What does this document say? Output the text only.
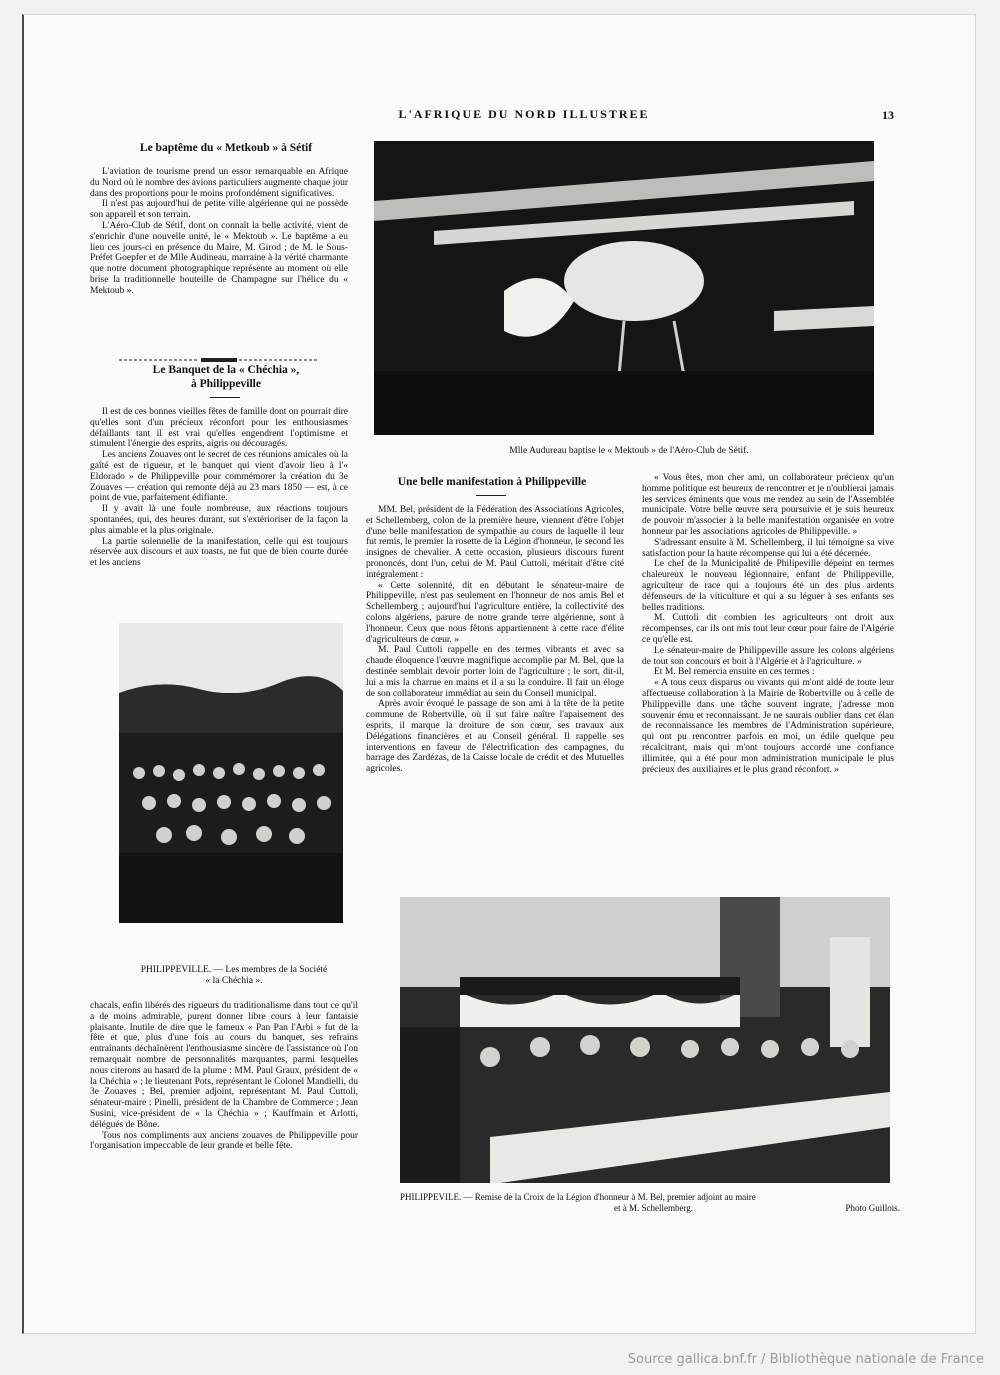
L'AFRIQUE DU NORD ILLUSTREE	13
Le baptême du « Metkoub » à Sétif

L'aviation de tourisme prend un essor remarquable en Afrique du Nord où le nombre des avions particuliers augmente chaque jour dans des proportions pour le moins profondément significatives.

Il n'est pas aujourd'hui de petite ville algérienne qui ne possède son appareil et son terrain.

L'Aéro-Club de Sétif, dont on connaît la belle activité, vient de s'enrichir d'une nouvelle unité, le « Mektoub ». Le baptême a eu lieu ces jours-ci en présence du Maire, M. Girod ; de M. le Sous-Préfet Goepfer et de Mlle Audineau, marraine à la vérité charmante que notre document photographique représente au moment où elle brise la traditionnelle bouteille de Champagne sur l'hélice du « Mektoub ».

Le Banquet de la « Chéchia »,
à Philippeville

Il est de ces bonnes vieilles fêtes de famille dont on pourrait dire qu'elles sont d'un précieux réconfort pour les enthousiasmes défaillants tant il est vrai qu'elles engendrent l'optimisme et stimulent l'énergie des esprits, aigris ou découragés.

Les anciens Zouaves ont le secret de ces réunions amicales où la gaîté est de rigueur, et le banquet qui vient d'avoir lieu à l'« Eldorado » de Philippeville pour commémorer la création du 3e Zouaves — création qui remonte déjà au 23 mars 1850 — est, à ce point de vue, parfaitement édifiante.

Il y avait là une foule nombreuse, aux réactions toujours spontanées, qui, des heures durant, sut s'extérioriser de la façon la plus aimable et la plus originale.

La partie solennelle de la manifestation, celle qui est toujours réservée aux discours et aux toasts, ne fut que de bien courte durée et les anciens

PHILIPPEVILLE. — Les membres de la Société
« la Chéchia ».

chacals, enfin libérés des rigueurs du traditionalisme dans tout ce qu'il a de moins admirable, purent donner libre cours à leur fantaisie plaisante. Inutile de dire que le fameux « Pan Pan l'Arbi » fut de la fête et que, plus d'une fois au cours du banquet, ses refrains entraînants déchaînèrent l'enthousiasme sincère de l'assistance où l'on remarquait nombre de personnalités marquantes, parmi lesquelles nous citerons au hasard de la plume : MM. Paul Graux, président de « la Chéchia » ; le lieutenant Pots, représentant le Colonel Mandielli, du 3e Zouaves ; Bel, premier adjoint, représentant M. Paul Cuttoli, sénateur-maire ; Pinelli, président de la Chambre de Commerce ; Jean Susini, vice-président de « la Chéchia » ; Kauffmain et Arlotti, délégués de Bône.

Tous nos compliments aux anciens zouaves de Philippeville pour l'organisation impeccable de leur grande et belle fête.

Mlle Audureau baptise le « Mektoub » de l'Aéro-Club de Sétif.
Une belle manifestation à Philippeville

MM. Bel, président de la Fédération des Associations Agricoles, et Schellemberg, colon de la première heure, viennent d'être l'objet d'une belle manifestation de sympathie au cours de laquelle il leur fut remis, le premier la rosette de la Légion d'honneur, le second les insignes de chevalier. A cette occasion, plusieurs discours furent prononcés, dont l'un, celui de M. Paul Cuttoli, méritait d'être cité intégralement :

« Cette solennité, dit en débutant le sénateur-maire de Philippeville, n'est pas seulement en l'honneur de nos amis Bel et Schellemberg ; aujourd'hui l'agriculture entière, la collectivité des colons algériens, parure de notre grande terre algérienne, sont à l'honneur. Ceux que nous fêtons appartiennent à cette race d'élite d'agriculteurs de cœur. »

M. Paul Cuttoli rappelle en des termes vibrants et avec sa chaude éloquence l'œuvre magnifique accomplie par M. Bel, que la destinée semblait devoir porter loin de l'agriculture ; le sort, dit-il, lui a mis la charrue en mains et il a su la conduire. Il fait un éloge de son collaborateur immédiat au sein du Conseil municipal.

Après avoir évoqué le passage de son ami à la tête de la petite commune de Robertville, où il sut faire naître l'apaisement des esprits, il marque la droiture de son cœur, ses travaux aux Délégations financières et au Conseil général. Il rappelle ses interventions en faveur de l'électrification des campagnes, du barrage des Zardézas, de la Caisse locale de crédit et des Mutuelles agricoles.

« Vous êtes, mon cher ami, un collaborateur précieux qu'un homme politique est heureux de rencontrer et je n'oublierai jamais les services éminents que vous me rendez au sein de l'Assemblée municipale. Votre belle œuvre sera poursuivie et je suis heureux de pouvoir m'associer à la belle manifestation organisée en votre honneur par les associations agricoles de Philippeville. »

S'adressant ensuite à M. Schellemberg, il lui témoigne sa vive satisfaction pour la haute récompense qui lui a été décernée.

Le chef de la Municipalité de Philipeville dépeint en termes chaleureux le nouveau légionnaire, enfant de Philippeville, agriculteur de race qui a toujours été un des plus ardents défenseurs de la viticulture et qui a su léguer à ses enfants ses belles traditions.

M. Cuttoli dit combien les agriculteurs ont droit aux récompenses, car ils ont mis tout leur cœur pour faire de l'Algérie ce qu'elle est.

Le sénateur-maire de Philippeville assure les colons algériens de tout son concours et boit à l'Algérie et à l'agriculture. »

Et M. Bel remercia ensuite en ces termes :

« A tous ceux disparus ou vivants qui m'ont aidé de toute leur affectueuse collaboration à la Mairie de Robertville ou à celle de Philippeville dans une tâche souvent ingrate, j'adresse mon souvenir ému et reconnaissant. Je ne saurais oublier dans cet élan de reconnaissance les membres de l'Administration supérieure, qui ont pu rencontrer parfois en moi, un édile quelque peu récalcitrant, mais qui m'ont toujours accordé une confiance illimitée, qui a été pour mon administration municipale le plus précieux des auxiliaires et le plus grand réconfort. »

PHILIPPEVILE. — Remise de la Croix de la Légion d'honneur à M. Bel, premier adjoint au maire
et à M. Schellemberg.	Photo Guillois.
Source gallica.bnf.fr / Bibliothèque nationale de France
